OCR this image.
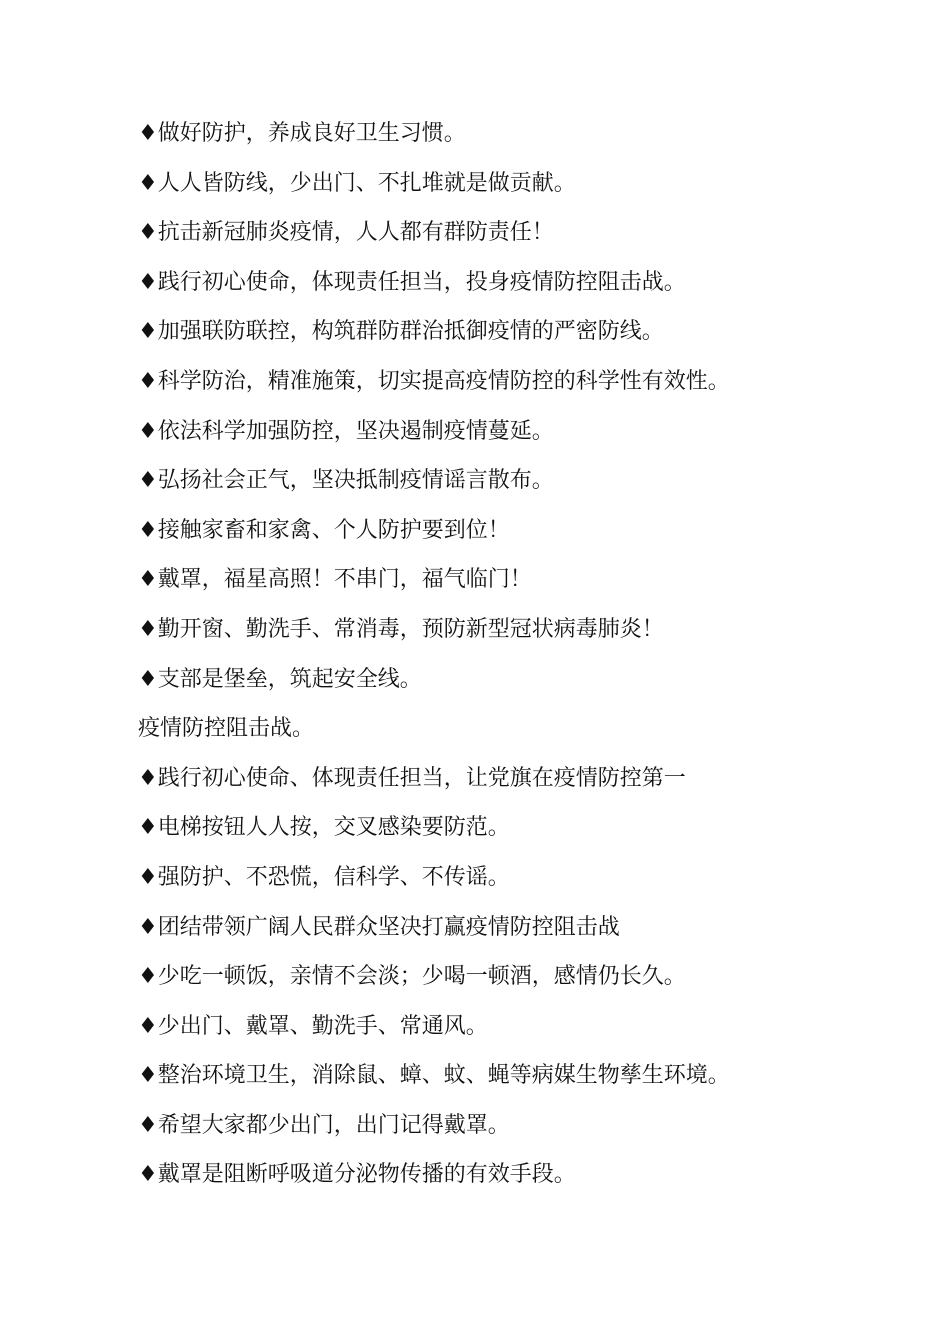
♦做好防护，养成良好卫生习惯。
♦人人皆防线，少出门、不扎堆就是做贡献。
♦抗击新冠肺炎疫情，人人都有群防责任！
♦践行初心使命，体现责任担当，投身疫情防控阻击战。
♦加强联防联控，构筑群防群治抵御疫情的严密防线。
♦科学防治，精准施策，切实提高疫情防控的科学性有效性。
♦依法科学加强防控，坚决遏制疫情蔓延。
♦弘扬社会正气，坚决抵制疫情谣言散布。
♦接触家畜和家禽、个人防护要到位！
♦戴罩，福星高照！不串门，福气临门！
♦勤开窗、勤洗手、常消毒，预防新型冠状病毒肺炎！
♦支部是堡垒，筑起安全线。
疫情防控阻击战。
♦践行初心使命、体现责任担当，让党旗在疫情防控第一
♦电梯按钮人人按，交叉感染要防范。
♦强防护、不恐慌，信科学、不传谣。
♦团结带领广阔人民群众坚决打赢疫情防控阻击战
♦少吃一顿饭，亲情不会淡；少喝一顿酒，感情仍长久。
♦少出门、戴罩、勤洗手、常通风。
♦整治环境卫生，消除鼠、蟑、蚊、蝇等病媒生物孳生环境。
♦希望大家都少出门，出门记得戴罩。
♦戴罩是阻断呼吸道分泌物传播的有效手段。
